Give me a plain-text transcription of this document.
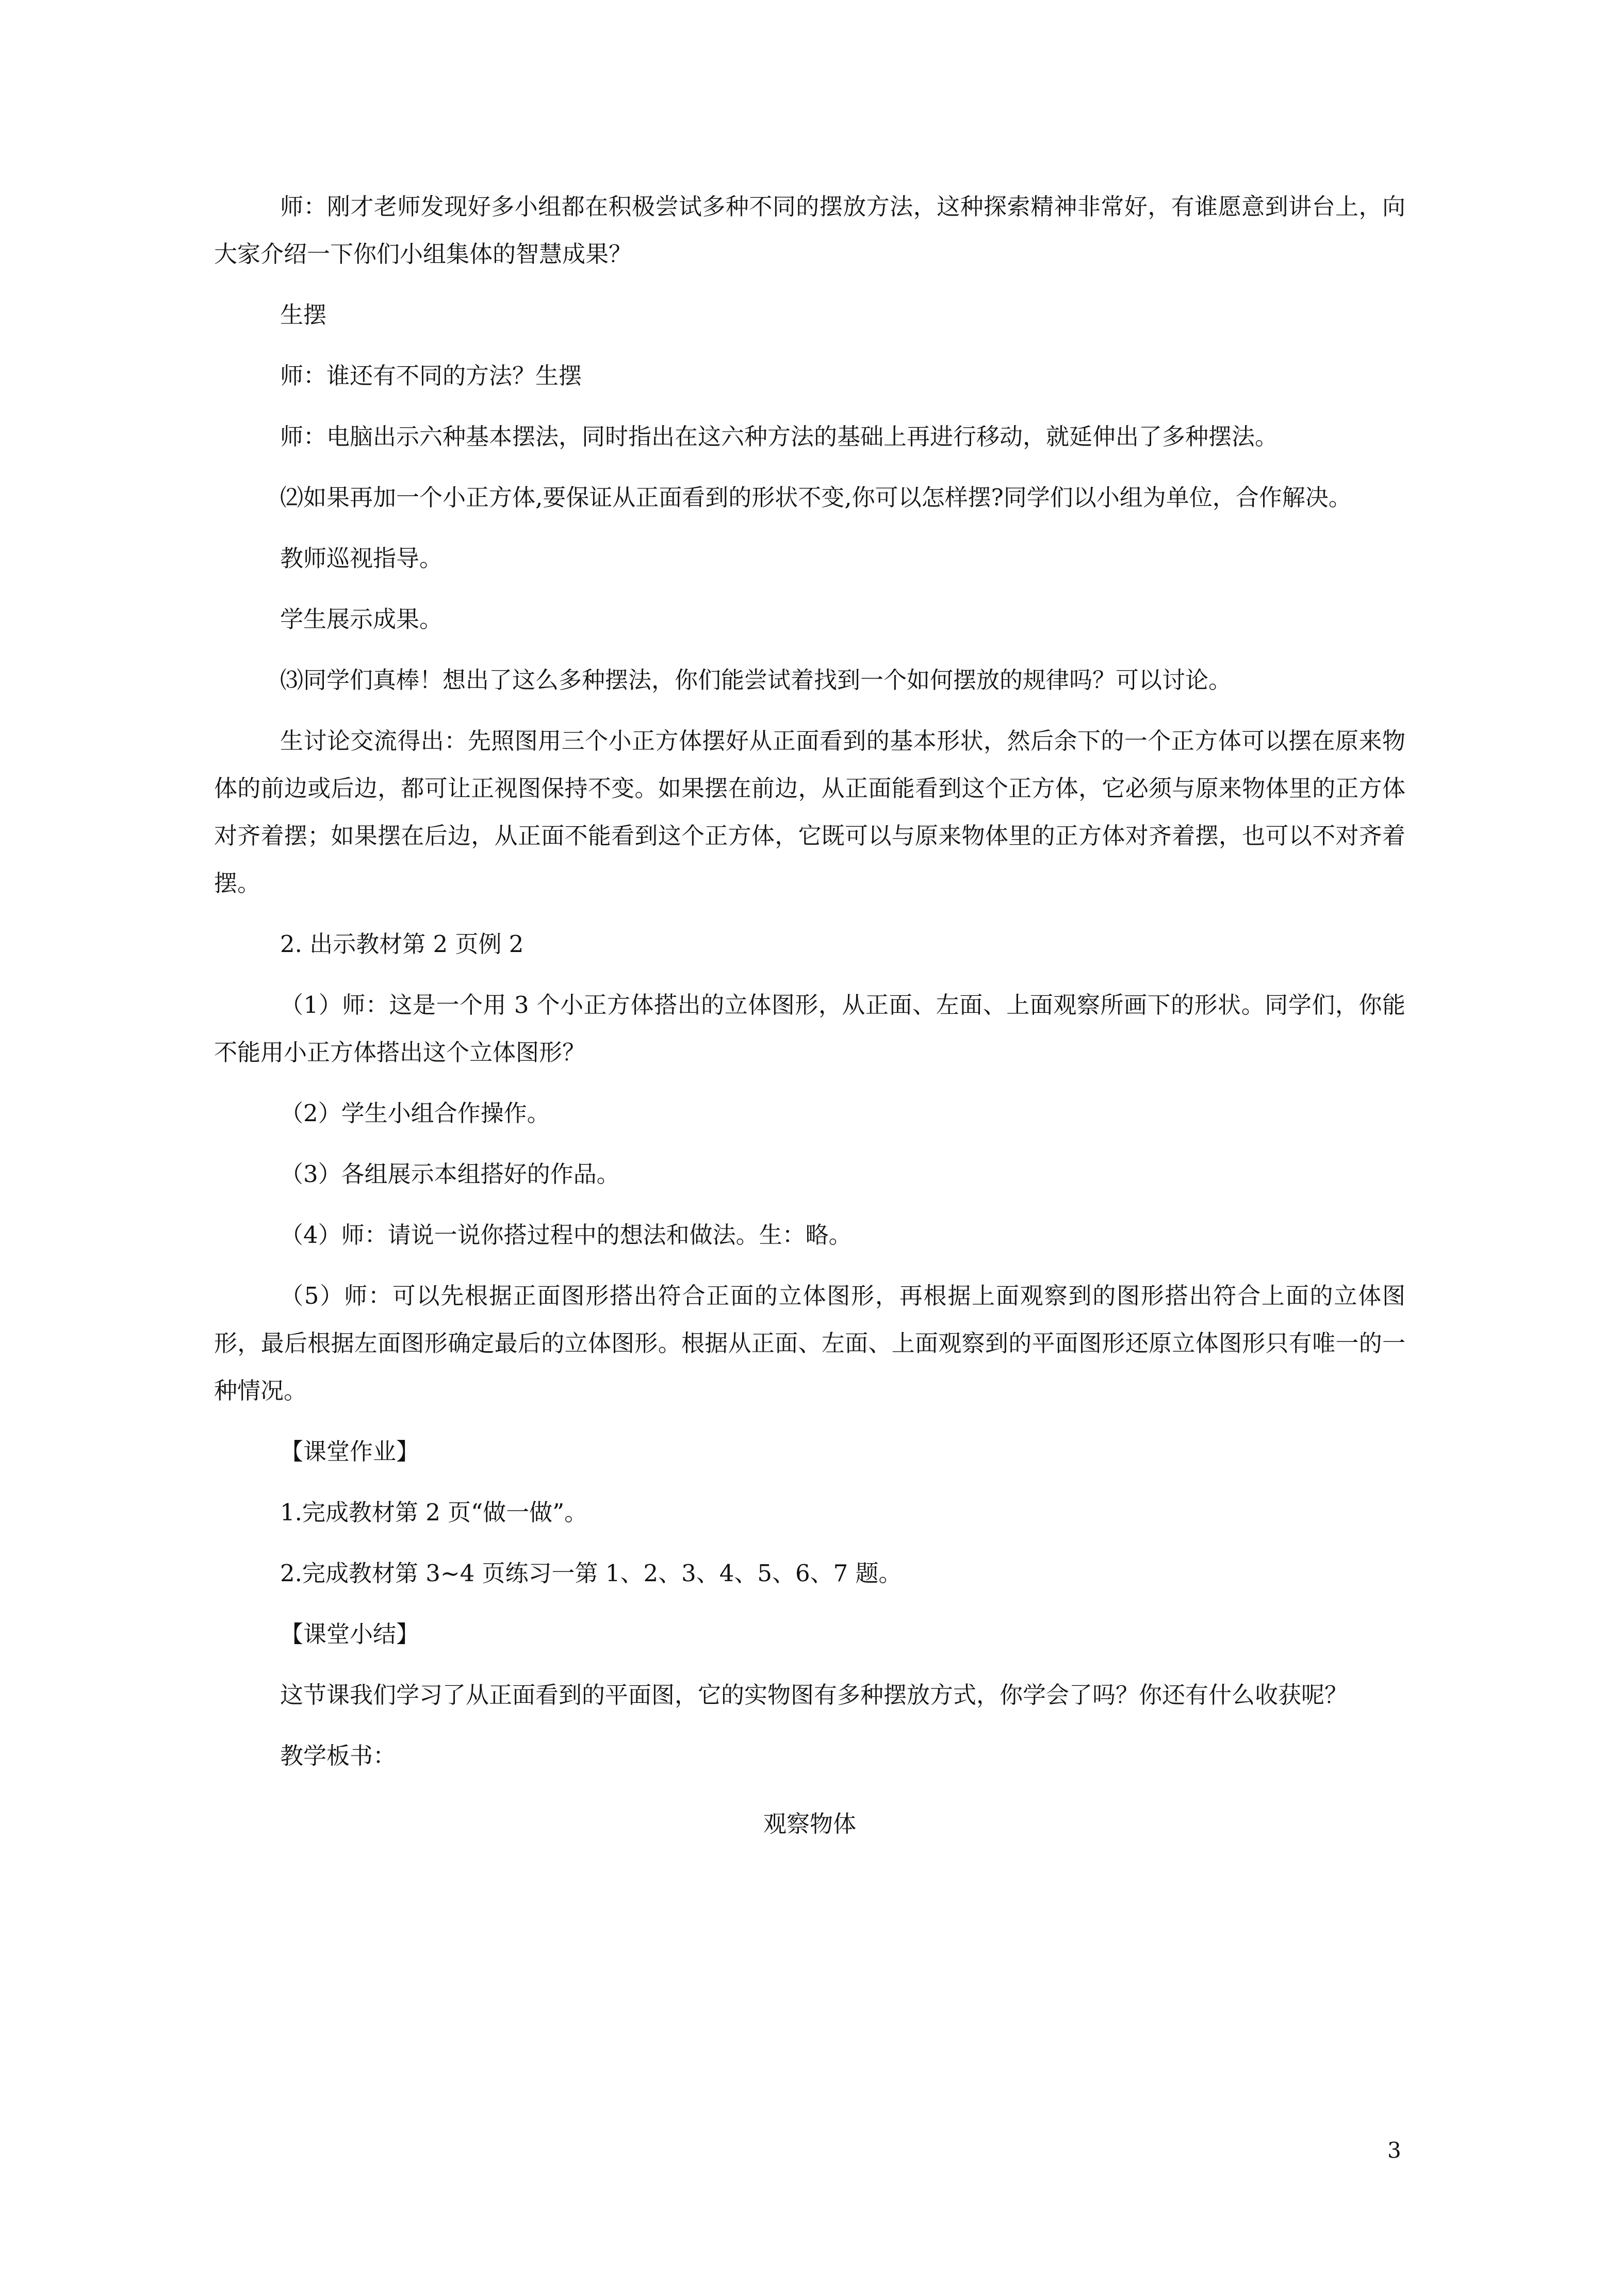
师：刚才老师发现好多小组都在积极尝试多种不同的摆放方法，这种探索精神非常好，有谁愿意到讲台上，向大家介绍一下你们小组集体的智慧成果？

生摆

师：谁还有不同的方法？生摆

师：电脑出示六种基本摆法，同时指出在这六种方法的基础上再进行移动，就延伸出了多种摆法。

⑵如果再加一个小正方体,要保证从正面看到的形状不变,你可以怎样摆?同学们以小组为单位，合作解决。

教师巡视指导。

学生展示成果。

⑶同学们真棒！想出了这么多种摆法，你们能尝试着找到一个如何摆放的规律吗？可以讨论。

生讨论交流得出：先照图用三个小正方体摆好从正面看到的基本形状，然后余下的一个正方体可以摆在原来物体的前边或后边，都可让正视图保持不变。如果摆在前边，从正面能看到这个正方体，它必须与原来物体里的正方体对齐着摆；如果摆在后边，从正面不能看到这个正方体，它既可以与原来物体里的正方体对齐着摆，也可以不对齐着摆。

2. 出示教材第 2 页例 2

（1）师：这是一个用 3 个小正方体搭出的立体图形，从正面、左面、上面观察所画下的形状。同学们，你能不能用小正方体搭出这个立体图形？

（2）学生小组合作操作。

（3）各组展示本组搭好的作品。

（4）师：请说一说你搭过程中的想法和做法。生：略。

（5）师：可以先根据正面图形搭出符合正面的立体图形，再根据上面观察到的图形搭出符合上面的立体图形，最后根据左面图形确定最后的立体图形。根据从正面、左面、上面观察到的平面图形还原立体图形只有唯一的一种情况。

【课堂作业】

1.完成教材第 2 页“做一做”。

2.完成教材第 3~4 页练习一第 1、2、3、4、5、6、7 题。

【课堂小结】

这节课我们学习了从正面看到的平面图，它的实物图有多种摆放方式，你学会了吗？你还有什么收获呢？

教学板书：

观察物体
3
